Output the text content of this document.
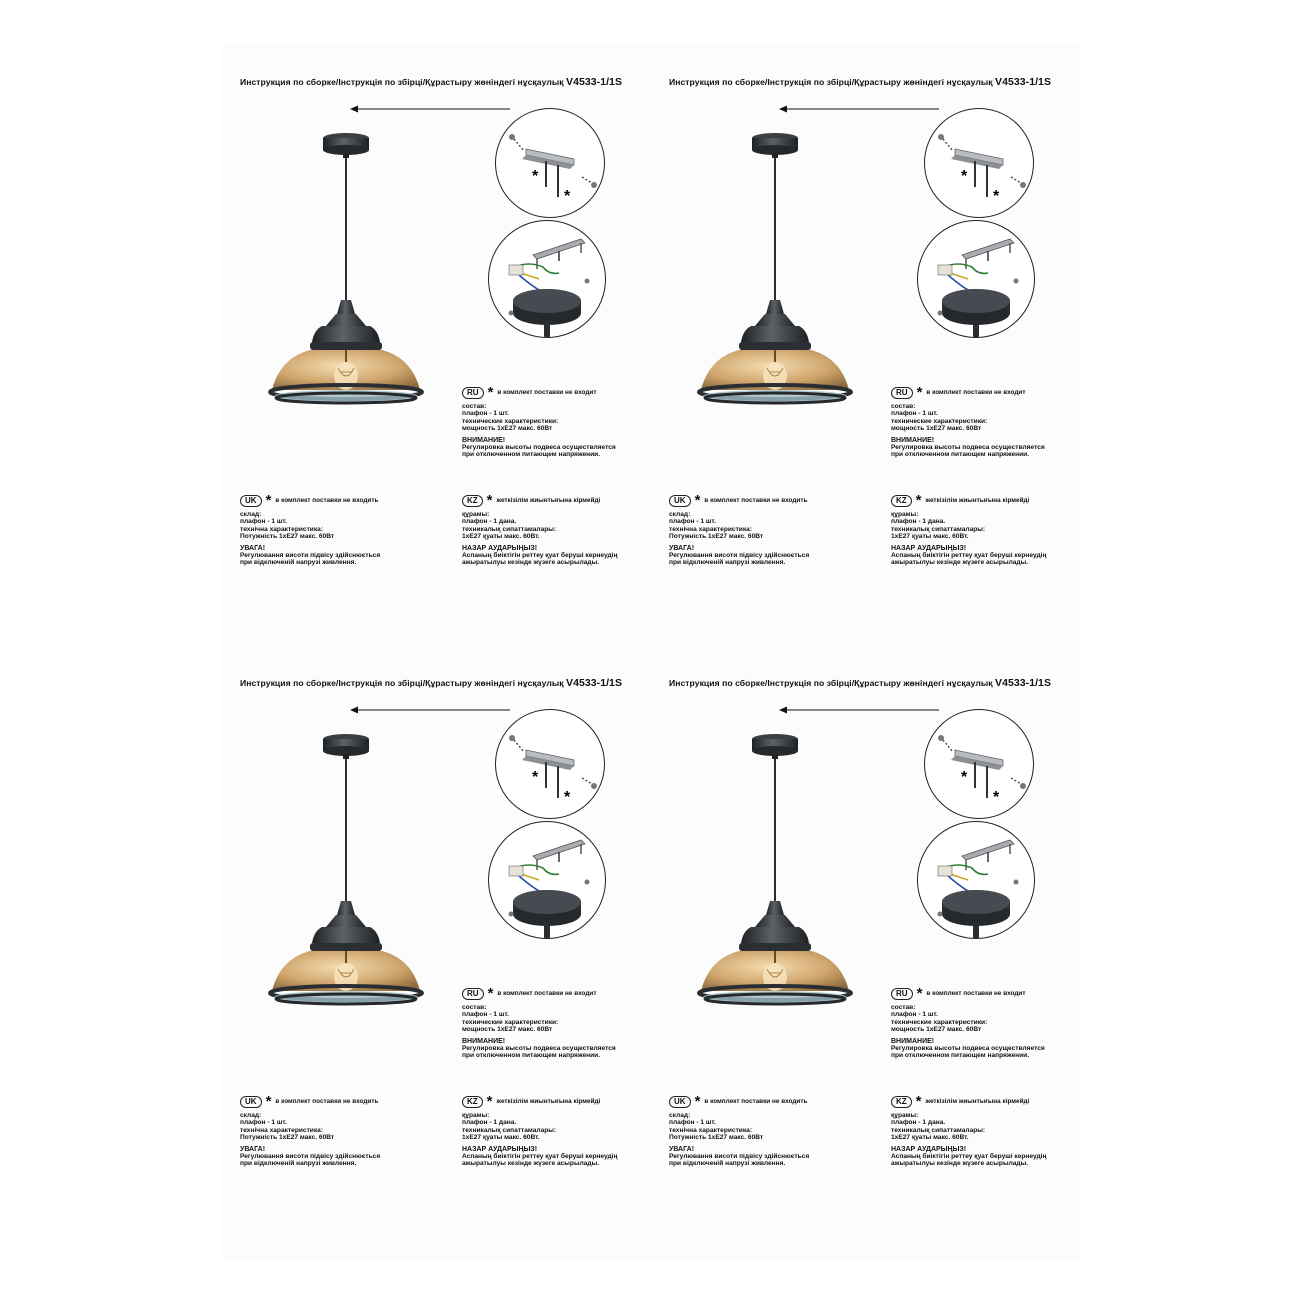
Инструкция по сборке/Інструкція по збірці/Құрастыру жөніндегі нұсқаулық V4533-1/1S
*
*
RU * в комплект поставки не входит
состав:
плафон - 1 шт.
технические характеристики:
мощность 1xE27 макс. 60Вт
ВНИМАНИЕ!
Регулировка высоты подвеса осуществляется
при отключенном питающем напряжении.
UK * в комплект поставки не входить
склад:
плафон - 1 шт.
технічна характеристика:
Потужність 1xE27 макс. 60Вт
УВАГА!
Регулювання висоти підвісу здійснюється
при відключеній напрузі живлення.
KZ * жеткізілім жиынтығына кірмейді
құрамы:
плафон - 1 дана.
техникалық сипаттамалары:
1xE27 қуаты макс. 60Вт.
НАЗАР АУДАРЫҢЫЗ!
Аспаның биіктігін реттеу қуат беруші кернеудің
ажыратылуы кезінде жүзеге асырылады.
Инструкция по сборке/Інструкція по збірці/Құрастыру жөніндегі нұсқаулық V4533-1/1S
*
*
RU * в комплект поставки не входит
состав:
плафон - 1 шт.
технические характеристики:
мощность 1xE27 макс. 60Вт
ВНИМАНИЕ!
Регулировка высоты подвеса осуществляется
при отключенном питающем напряжении.
UK * в комплект поставки не входить
склад:
плафон - 1 шт.
технічна характеристика:
Потужність 1xE27 макс. 60Вт
УВАГА!
Регулювання висоти підвісу здійснюється
при відключеній напрузі живлення.
KZ * жеткізілім жиынтығына кірмейді
құрамы:
плафон - 1 дана.
техникалық сипаттамалары:
1xE27 қуаты макс. 60Вт.
НАЗАР АУДАРЫҢЫЗ!
Аспаның биіктігін реттеу қуат беруші кернеудің
ажыратылуы кезінде жүзеге асырылады.
Инструкция по сборке/Інструкція по збірці/Құрастыру жөніндегі нұсқаулық V4533-1/1S
*
*
RU * в комплект поставки не входит
состав:
плафон - 1 шт.
технические характеристики:
мощность 1xE27 макс. 60Вт
ВНИМАНИЕ!
Регулировка высоты подвеса осуществляется
при отключенном питающем напряжении.
UK * в комплект поставки не входить
склад:
плафон - 1 шт.
технічна характеристика:
Потужність 1xE27 макс. 60Вт
УВАГА!
Регулювання висоти підвісу здійснюється
при відключеній напрузі живлення.
KZ * жеткізілім жиынтығына кірмейді
құрамы:
плафон - 1 дана.
техникалық сипаттамалары:
1xE27 қуаты макс. 60Вт.
НАЗАР АУДАРЫҢЫЗ!
Аспаның биіктігін реттеу қуат беруші кернеудің
ажыратылуы кезінде жүзеге асырылады.
Инструкция по сборке/Інструкція по збірці/Құрастыру жөніндегі нұсқаулық V4533-1/1S
*
*
RU * в комплект поставки не входит
состав:
плафон - 1 шт.
технические характеристики:
мощность 1xE27 макс. 60Вт
ВНИМАНИЕ!
Регулировка высоты подвеса осуществляется
при отключенном питающем напряжении.
UK * в комплект поставки не входить
склад:
плафон - 1 шт.
технічна характеристика:
Потужність 1xE27 макс. 60Вт
УВАГА!
Регулювання висоти підвісу здійснюється
при відключеній напрузі живлення.
KZ * жеткізілім жиынтығына кірмейді
құрамы:
плафон - 1 дана.
техникалық сипаттамалары:
1xE27 қуаты макс. 60Вт.
НАЗАР АУДАРЫҢЫЗ!
Аспаның биіктігін реттеу қуат беруші кернеудің
ажыратылуы кезінде жүзеге асырылады.
